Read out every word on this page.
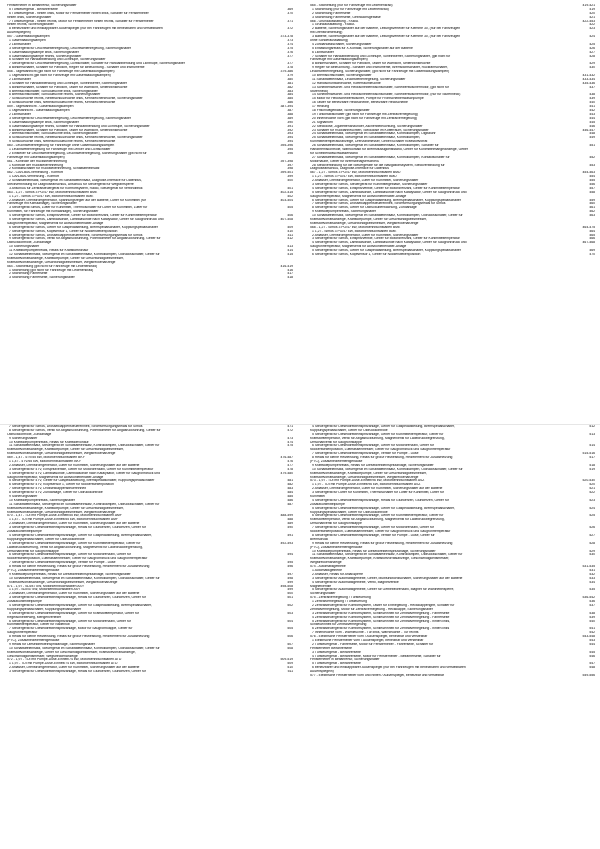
Fensterheber in Beifahrertür, Sicherungshalter
5 Türsteuergerät - Beifahrerseite	369
6 Türsteuergerät - hinten links, Motor für Fensterheber hinten links, Schalter für Fensterheber	370
hinten links, Sicherungshalter
7 Türsteuergerät - hinten rechts, Motor für Fensterheber hinten rechts, Schalter für Fensterheber	371
hinten rechts, Sicherungshalter
8 beheizbarer und einklappbarer Außenspiegel (nur bei Fahrzeugen mit beheizbaren und verstellbaren	372
Außenspiegeln)
557 - Gasentladungslampen	373-378
1 Gasentladungslampen	373
2 Lichtschalter	374
3 Steuergerät für Leuchtweitenregelung, Leuchtweitenregelung, Sicherungshalter	375
4 Gasentladungslampe links, Sicherungshalter	376
5 Gasentladungslampe rechts, Sicherungshalter	377
6 Schalter für Handabblendung und Lichthupe, Sicherungshalter
7 Steuergerät für Leuchtweitenregelung, Lichtschalter, Schalter für Handabblendung und Lichthupe, Sicherungshalter	377
8 Blinkerschalter, Schalter für Parklicht, Regler für Beleuchtung - Schalter und Instrumente	378
558 - Tagesfahrlicht (gilt nicht für Fahrzeuge mit Gasentladungslampen)	379-386
1 Tagesfahrlicht (gilt nicht für Fahrzeuge mit Gasentladungslampen)	379
2 Lichtschalter	380
3 Schalter für Handabblendung und Lichthupe, Scheinwerfer, Sicherungshalter	381
4 Blinkerschalter, Schalter für Parklicht, Taster für Warnlicht, Seitenblinkleuchte	382
5 Bremslichtschalter, Schlußleuchte links, Sicherungshalter	383
6 Bremslichtschalter, Schlußleuchte rechts, Sicherungshalter	384
7 Schlußleuchte rechts, Nebelschlußleuchte links, Kennzeichenleuchte, Sicherungshalter	385
8 Schlußleuchte links, Nebelschlußleuchte rechts, Kennzeichenleuchte	386
559 - Tagesfahrlicht - Gasentladungslampen	387-394
1 Tagesfahrlicht - Gasentladungslampen	387
2 Lichtschalter	388
3 Steuergerät für Leuchtweitenregelung, Leuchtweitenregelung, Sicherungshalter	389
4 Gasentladungslampe links, Sicherungshalter	390
5 Gasentladungslampe rechts, Schalter für Handabblendung und Lichthupe, Sicherungshalter	391
6 Blinkerschalter, Schalter für Parklicht, Taster für Warnlicht, Seitenblinkleuchte	392
7 Bremslichtschalter, Schlußleuchte links, Sicherungshalter	393
8 Schlußleuchte rechts, Nebelschlußleuchte links, Kennzeichenleuchte, Sicherungshalter	394
9 Schlußleuchte links, Nebelschlußleuchte rechts, Kennzeichenleuchte	394
560 - Leuchtweitenregelung für Fahrzeuge ohne Gasentladungslampen	395-396
1 Leuchtweitenregelung für Fahrzeuge mit Lenker und Lichtschalter	395
2 Einsteller für Leuchtweitenregelung, Leuchtweitenregelung, Sicherungshalter (gilt nicht für	396
Fahrzeuge mit Gasentladungslampen)
561 - Kontrolle der Rückstellerrinnerung	397-398
1 Kontrolle der Rückstellerrinnerung	397
2 Kontaktschalter für Rückstellerinnerung, Schalttafeleinsatz	398
562 - CAN-Bus-Vernetzung - Komfort	399-401
1 CAN-Bus-Vernetzung - Komfort	399
2 Schalttafeleinsatz, Steuergerät im Schalttafeleinsatz, Diagnose-Interface für Datenbus,	400
Steckverbindung für Diagnoseanschluß, Anschluß für Steuergerät für Wegfahrsperre
3 Anschluß für Zentralsteuergerät für Komfortsystem, Radio, Steuergerät für Verbindbrikk	401
563 - 1,2 l - Simos 3 PG/47 kW, Motorkennbuchstaben BME	402-415
1 1,2 l - Simos 3 PG/47 kW, Motorkennbuchstaben BME	402
2 Anlasser, Drehstromgenerator, Spannungsregler auf der Batterie, Lüfter für Kühlmittel (für	403-404
Fahrzeuge mit Klimaanlage), Sicherungshalter
3 Steuergerät Simos, Lüfter für Kühlmittel, Thermoschalter für Lüfter für Kühlmittel, Lüfter für	405
Kühlmittel, für Fahrzeuge mit Klimaanlage), Sicherungshalter
4 Steuergerät für Simos, Einspritzventile, Geber für Motordrehzahl, Geber für Kühlmitteltemperatur	406
5 Steuergerät für Simos, Lambdasonde, Lambdasonde nach Katalysator, Geber für Saugrohrdruck und	407-408
Saugrohrtemperatur, Magnetventil für Aktivkohlebehälter-Anlage
6 Steuergerät für Simos, Geber für Gaspedalstellung, Bremspedalschalter, Kupplungspedalschalter	409
7 Steuergerät für Simos, Klopfsensor 1, Geber für Nockenwellenposition	410
8 Steuergerät für Simos, Drosselklappensteuereinheit, Stromversorgungsrelais für Simos	411
9 Steuergerät für Simos, Ventil für Abgasrückführung, Potentiometer für Abgasrückführung, Geber für	412
Öldruckkontrolle, Zündanlage
10 Sicherungshalter	413
11 Kraftstoffpumpenrelais, Relais für Kraftstoffvorlauf	414
12 Schalttafeleinsatz, Steuergerät im Schalttafeleinsatz, Kontrolllampen, Öldrucksschalter, Geber für	415
Kraftstoffvorratsanzeige, Kraftstoffpumpe, Geber für Geschwindigkeitsmesser,
Kraftstoffvorratsanzeige, Geschwindigkeitsmesser, Wegstreckenanzeige
564 - Stichleitung (gilt nicht für Fahrzeuge mit Lederlenkrad)	416-419
1 Stichleitung (gilt nicht für Fahrzeuge mit Lederlenkrad)	416
2 Stichleitung Fahrerseite	417
3 Stichleitung Fahrerseite, Sicherungshalter	418
565 - Stichleitung (nur für Fahrzeuge mit Lederlenkrad)	419-421
1 Stichleitung (nur für Fahrzeuge mit Lederlenkrad)	419
2 Stichleitung Fahrerseite	420
3 Stichleitung Fahrerseite, Gebrauchsgebläse	421
566 - Grundausstattung - FABIA	422-453
1 Grundausstattung - FABIA	422
2 Batterie, Sicherungshalter auf der Batterie, Leitungsverteiler für Klemme 30, (nur bei Fahrzeugen	423
mit Drehstromleitung)
3 Batterie, Sicherungshalter auf der Batterie, Leitungsverteiler für Klemme 30, (nur bei Fahrzeugen	424
ohne Sonderausstattung)
4 Zündanlassschalter, Sicherungshalter	425
5 Entlastungsrelais für X-Kontakt, Sicherungshalter auf der Batterie	426
6 Lichtschalter	427
7 Schalter für Handabblendung und Lichthupe, Scheinwerfer, Sicherungshalter, (gilt nicht für	428
Fahrzeuge mit Gasentladungslampen)
8 Blinkerschalter, Schalter für Parklicht, Taster für Warnlicht, Seitenblinkleuchte	429
9 Regler für Beleuchtung - Schalter und Instrumente, Bremslichtschalter, Rückfahrschalter,	430
Leuchtweitenregelung, Sicherungshalter, (gilt nicht für Fahrzeuge mit Gasentladungslampen)
10 Bremslichtschalter, Sicherungshalter	431-432
11 Schalttafeleinsatz, Leuchtweitenregelung, Sicherungshalter	433-434
12 Handschuhfachleuchte, Kofferraumleuchte	435-436
13 Scheibenwischer- und Heckscheibenwischschalter, Scheibenwischermotor, (gilt nicht für	437
Stufenheck)
14 Scheibenwischer- und Heckscheibenwischschalter, Scheibenwischermotor, (nur für Stufenheck)	438
15 Motor für Heckscheibenwischer, Pumpe für Frontscheibenwaschpumpe	439
16 Taster für beheizbare Heckscheibe, beheizbare Heckscheibe	440
17 Heizung	441
18 Frischluftgebläse, Sicherungshalter	442
19 Türkontaktschalter (gilt nicht für Fahrzeuge mit Zentralverriegelung)	443
20 Innenleuchte vorn (gilt nicht für Fahrzeuge mit Zentralverriegelung)	444
21 Signalhorn	445
22 Steckdose, Zigarettenanzünder, Aschenbeleuchtung, Sicherungshalter	446
23 Schalter für Rückfahrleuchten, Steckdose im Kofferraum, Sicherungshalter	446-447
24 Schalttafeleinsatz, Steuergerät im Schalttafeleinsatz, Kontrolllampen, Digitaluhr	448
25 Schalttafeleinsatz, Steuergerät im Schalttafeleinsatz, Kontrolllampen,	449
Kühlmitteltemperaturanzeige, Drehzahlmesser, Geber/Schalter Kraftstoffvorrat
26 Schalttafeleinsatz, Steuergerät im Schalttafeleinsatz, Kontrolllampen, Schalter für	451
Handbremskontrolle, Warnkontakt für Bremsflüssigkeitsstand, Geber für Kühlmittelmangelanzeige, Geber
für Scheibenwaschwasserstand
27 Schalttafeleinsatz, Steuergerät im Schalttafeleinsatz, Kontrolllampen, Kontaktschalter für	452
Motorhaube, Geber für Bremsbelagverschleiß
28 Steckverbindung für die Steuergeräte für die Navigationssystem, Steckverbindung für	453
Diagnoseanschluß, Diagnose-Interface für Datenbus
567 - 1,2 l - Simos 3 PG/47 kW, Motorkennbuchstaben BMD	454-463
1 1,2 l - Simos 3 PG/47 kW, Motorkennbuchstaben BMD	454
2 Anlasser, Drehstromgenerator, Lüfter für Kühlmittel, Sicherungshalter	455
3 Steuergerät für Simos, Steuergerät für Kühlmittelgebläse, Sicherungshalter	456
4 Steuergerät für Simos, Einspritzventile, Geber für Motordrehzahl, Geber für Kühlmitteltemperatur	457
5 Steuergerät für Simos, Lambdasonde, Lambdasonde nach Katalysator, Geber für Saugrohrdruck und	458
Saugrohrtemperatur, Magnetventil für Aktivkohlebehälter-Anlage
6 Steuergerät für Simos, Geber für Gaspedalstellung, Bremspedalschalter, Kupplungspedalschalter	459
7 Steuergerät für Simos, Drosselklappensteuereinheit, Stromversorgungsrelais für Simos	460
8 Steuergerät für Simos, Geber für Öldrucküberwachung, Zündanlage	461
9 Kraftstoffpumpenrelais, Sicherungshalter	462
10 Schalttafeleinsatz, Steuergerät im Schalttafeleinsatz, Kontrolllampen, Öldrucksschalter, Geber für	463
Kraftstoffvorratsanzeige, Kraftstoffpumpe, Geber für Geschwindigkeitsmesser,
Kraftstoffvorratsanzeige, Geschwindigkeitsmesser, Wegstreckenanzeige
568 - 1,2 l - Simos 3 PG/47 kW, Motorkennbuchstaben BME	464-475
1 1,2 l - Simos 3 PG/47 kW, Motorkennbuchstaben BME	464
2 Anlasser, Drehstromgenerator, Lüfter für Kühlmittel, Sicherungshalter	465
3 Steuergerät für Simos, Einspritzventile, Geber für Motordrehzahl, Geber für Kühlmitteltemperatur	466
4 Steuergerät für Simos, Lambdasonde, Lambdasonde nach Katalysator, Geber für Saugrohrdruck und	467-468
Saugrohrtemperatur, Magnetventil für Aktivkohlebehälter-Anlage
5 Steuergerät für Simos, Geber für Gaspedalstellung, Bremspedalschalter, Kupplungspedalschalter	469
6 Steuergerät für Simos, Klopfsensor 1, Geber für Nockenwellenposition	470
7 Steuergerät für Simos, Drosselklappensteuereinheit, Stromversorgungsrelais für Simos	471
8 Steuergerät für Simos, Ventil für Abgasrückführung, Potentiometer für Abgasrückführung, Geber für	472
Öldruckkontrolle, Zündanlage
9 Sicherungshalter	473
10 Kraftstoffpumpenrelais, Relais für Kraftstoffvorlauf	474
11 Schalttafeleinsatz, Steuergerät im Schalttafeleinsatz, Kontrolllampen, Öldrucksschalter, Geber für	475
Kraftstoffvorratsanzeige, Kraftstoffpumpe, Geber für Geschwindigkeitsmesser,
Kraftstoffvorratsanzeige, Geschwindigkeitsmesser, Wegstreckenanzeige
569 - 1,4 l - 4TV/55 kW, Motorkennbuchstaben BKY	476-487
1 1,4 l - 4TV/55 kW, Motorkennbuchstaben BKY	476
2 Anlasser, Drehstromgenerator, Lüfter für Kühlmittel, Sicherungshalter auf der Batterie	477
3 Steuergerät für 4TV, Einspritzventile, Geber für Motordrehzahl, Geber für Kühlmitteltemperatur	478
4 Steuergerät für 4TV, Lambdasonde, Lambdasonde nach Katalysator, Geber für Saugrohrdruck und	479-480
Saugrohrtemperatur, Magnetventil für Aktivkohlebehälter-Anlage
5 Steuergerät für 4TV, Geber für Gaspedalstellung, Bremspedalschalter, Kupplungspedalschalter	481
6 Steuergerät für 4TV, Klopfsensor 1, Geber für Nockenwellenposition	482
7 Steuergerät für 4TV, Drosselklappensteuereinheit	483
8 Steuergerät für 4TV, Zündanlage, Geber für Öldruckkontrolle	484
9 Sicherungshalter	485
10 Kraftstoffpumpenrelais, Sicherungshalter	486
11 Schalttafeleinsatz, Steuergerät im Schalttafeleinsatz, Kontrolllampen, Öldrucksschalter, Geber für	487
Kraftstoffvorratsanzeige, Kraftstoffpumpe, Geber für Geschwindigkeitsmesser,
Kraftstoffvorratsanzeige, Geschwindigkeitsmesser, Wegstreckenanzeige
570 - 1,4 l - TDI mit Pumpe-Düse-Einheit/55 kW, Motorkennbuchstaben AMF	488-499
1 1,4 l - TDI mit Pumpe-Düse-Einheit/55 kW, Motorkennbuchstaben AMF	488
2 Anlasser, Drehstromgenerator, Lüfter für Kühlmittel, Sicherungshalter auf der Batterie	489
3 Steuergerät für Dieseldirekteinspritzanlage, Relais für Glühkerzen, Glühkerzen, Geber für	490
Zusatzkühlmittelpumpe
4 Steuergerät für Dieseldirekteinspritzanlage, Geber für Gaspedalstellung, Bremspedalschalter,	491
Kupplungspedalschalter, Geber für Öldruckkontrolle
5 Steuergerät für Dieseldirekteinspritzanlage, Geber für Kühlmitteltemperatur, Geber für	492-493
Ladedrucksteuerung, Ventil für Abgasrückführung, Magnetventil für Ladedruckbegrenzung,
Umschaltventil für Saugrohrklappe
6 Steuergerät für Dieseldirekteinspritzanlage, Geber für Motordrehzahl, Geber für	494
Nockenwellenposition, Luftmassenmesser, Geber für Saugrohrdruck und Saugrohrtemperatur
7 Steuergerät für Dieseldirekteinspritzanlage, Ventile für Pumpe - Düse	495
8 Relais für kleine Heizleistung, Relais für große Heizleistung, Heizelement für Zusatzheizung	496
(PTC), Zusatzheizelementgehäuse
9 Kraftstoffpumpenrelais, Relais für Dieseldirekteinspritzanlage, Sicherungshalter	497
10 Schalttafeleinsatz, Steuergerät im Schalttafeleinsatz, Kontrolllampen, Öldrucksschalter, Geber für	498
Kraftstoffvorratsanzeige, Geschwindigkeitsmesser, Wegstreckenanzeige	499
571 - 1,9 l - SDI/47 kW, Motorkennbuchstaben ASY	498-508
1 1,9 l - SDI/47 kW, Motorkennbuchstaben ASY	499
2 Anlasser, Drehstromgenerator, Lüfter für Kühlmittel, Sicherungshalter auf der Batterie	500
3 Steuergerät für Dieseldirekteinspritzanlage, Relais für Glühkerzen, Glühkerzen, Geber für	501
Zusatzkühlmittelpumpe
4 Steuergerät für Dieseldirekteinspritzanlage, Geber für Gaspedalstellung, Bremspedalschalter,	502
Kupplungspedalschalter, Kupplungspedalschalter
5 Steuergerät für Dieseldirekteinspritzanlage, Geber für Kraftstofftemperatur, Geber für	503
Regelschieberweg, Mengenverteiler
6 Steuergerät für Dieseldirekteinspritzanlage, Geber für Motordrehzahl, Geber für	504
Kühlmitteltemperatur, Geber für Nadelhub
7 Steuergerät für Dieseldirekteinspritzanlage, Motor für Saugrohrklappe, Geber für	505
Saugrohrtemperatur
8 Relais für kleine Heizleistung, Relais für große Heizleistung, Heizelement für Zusatzheizung	506
(PTC), Zusatzheizelementgehäuse
9 Relais für Dieseldirekteinspritzanlage, Sicherungshalter	507
10 Schalttafeleinsatz, Steuergerät im Schalttafeleinsatz, Kontrolllampen, Öldrucksschalter, Geber für	508
Kraftstoffvorratsanzeige, Geber für Geschwindigkeitsmesser, Kraftstoffvorratsanzeige,
Geschwindigkeitsmesser, Wegstreckenanzeige
572 - 1,9 l - TDI mit Pumpe-Düse-Einheit/74 kW, Motorkennbuchstaben ATD	509-519
1 1,9 l - TDI mit Pumpe-Düse-Einheit/74 kW, Motorkennbuchstaben ATD	509
2 Anlasser, Drehstromgenerator, Lüfter für Kühlmittel, Sicherungshalter auf der Batterie	510
3 Steuergerät für Dieseldirekteinspritzanlage, Relais für Glühkerzen, Glühkerzen, Geber für	511
4 Steuergerät für Dieseldirekteinspritzanlage, Geber für Gaspedalstellung, Bremspedalschalter,	512
Kupplungspedalschalter, Geber für Öldruckkontrolle
5 Steuergerät für Dieseldirekteinspritzanlage, Geber für Kühlmitteltemperatur, Geber für	513
Kraftstofftemperatur, Ventil für Abgasrückführung, Magnetventil für Ladedruckbegrenzung,
Umschaltventil für Saugrohrklappe
6 Steuergerät für Dieseldirekteinspritzanlage, Geber für Motordrehzahl, Geber für	514
Nockenwellenposition, Luftmassenmesser, Geber für Saugrohrdruck und Saugrohrtemperatur
7 Steuergerät für Dieseldirekteinspritzanlage, Ventile für Pumpe - Düse	515-516
8 Relais für kleine Heizleistung, Relais für große Heizleistung, Heizelement für Zusatzheizung	517
(PTC), Zusatzheizelementgehäuse
9 Kraftstoffpumpenrelais, Relais für Dieseldirekteinspritzanlage, Sicherungshalter	518
10 Schalttafeleinsatz, Steuergerät im Schalttafeleinsatz, Kontrolllampen, Öldrucksschalter, Geber für	519
Kraftstoffvorratsanzeige, Kraftstoffpumpe, Geber für Geschwindigkeitsmesser,
Kraftstoffvorratsanzeige, Geschwindigkeitsmesser, Wegstreckenanzeige
573 - 1,9 l - TDI mit Pumpe-Düse-Einheit/96 kW, Motorkennbuchstaben ASZ	520-530
1 1,9 l - TDI mit Pumpe-Düse-Einheit/96 kW, Motorkennbuchstaben ASZ	520
2 Anlasser, Drehstromgenerator, Lüfter für Kühlmittel, Sicherungshalter auf der Batterie	521
3 Steuergerät für Lüfter für Kühlmittel, Thermoschalter für Lüfter für Kühlmittel, Lüfter für	522
Kühlmittel
4 Steuergerät für Dieseldirekteinspritzanlage, Relais für Glühkerzen, Glühkerzen, Geber für	523
Zusatzkühlmittelpumpe
5 Steuergerät für Dieseldirekteinspritzanlage, Geber für Gaspedalstellung, Bremspedalschalter,	524
Kupplungspedalschalter, Geber für Öldruckkontrolle
6 Steuergerät für Dieseldirekteinspritzanlage, Geber für Kühlmitteltemperatur, Geber für	525
Kraftstofftemperatur, Ventil für Abgasrückführung, Magnetventil für Ladedruckbegrenzung,
Umschaltventil für Saugrohrklappe
7 Steuergerät für Dieseldirekteinspritzanlage, Geber für Motordrehzahl, Geber für	526
Nockenwellenposition, Luftmassenmesser, Geber für Saugrohrdruck und Saugrohrtemperatur
8 Steuergerät für Dieseldirekteinspritzanlage, Ventile für Pumpe - Düse, Geber für	527
Bremsdruck
9 Relais für kleine Heizleistung, Relais für große Heizleistung, Heizelement für Zusatzheizung	528
(PTC), Zusatzheizelementgehäuse
10 Kraftstoffpumpenrelais, Relais für Dieseldirekteinspritzanlage, Sicherungshalter	529
11 Schalttafeleinsatz, Steuergerät im Schalttafeleinsatz, Kontrolllampen, Öldrucksschalter, Geber für	530
Kraftstoffvorratsanzeige, Kraftstoffpumpe, Kraftstoffvorratsanzeige, Geschwindigkeitsmesser,
Wegstreckenanzeige
574 - Automatikgetriebe	531-535
1 Automatikgetriebe	531
2 Anlasser, Relais für Anlaßsperre	532
3 Steuergerät für Automatikgetriebe, Geber, Multifunktionsschalter, Sicherungshalter auf der Batterie	533
4 Steuergerät für Automatikgetriebe, Ventil, Magnetventile	534
Magnetventile
5 Steuergerät für Automatikgetriebe, Geber für Getriebedrehzahl, Magnet für Wählhebelsperre,	535
Sicherungshalter
575 - Zentralverriegelung / Türsteuerung	536-542
1 Zentralverriegelung / Türsteuerung	536
2 Zentralsteuergerät für Komfortsystem, Taster für Entriegelung - Heckklappengriff, Schalter für	537
Zentralverriegelung, Motor für Zentralverriegelung - Heckklappe, Sicherungshalter
3 Zentralsteuergerät für Komfortsystem, Schließeinheit für Zentralverriegelung - Fahrerseite	538
4 Zentralsteuergerät für Komfortsystem, Schließeinheit für Zentralverriegelung - Fahrerseite	539
5 Zentralsteuergerät für Komfortsystem, Schließeinheit für Zentralverriegelung - hinten links,	540
Schließeinheit für Zentralverriegelung
6 Zentralsteuergerät für Komfortsystem, Schließeinheit für Zentralverriegelung - hinten links	541
7 Innenleuchte vorn - Warnleuchte - Tür links, Warnleuchte - Tür rechts	542
576 - Elektrische Fensterheber vorn / Außenspiegel, beheizbar und verstellbar	543-548
1 Elektrische Fensterheber vorn / Außenspiegel, beheizbar und verstellbar	543
2 Türsteuergerät - Fahrerseite, Motor für Fensterheber - Fahrerseite, Schalter für	544
Fensterheber Beifahrerseite
3 Türsteuergerät - Beifahrerseite	545
4 Türsteuergerät - Beifahrerseite, Motor für Fensterheber - Beifahrerseite, Schalter für	546
Fensterheber in Beifahrertür, Sicherungshalter
5 Türsteuergerät - Beifahrerseite	547
6 beheizbarer und einklappbarer Außenspiegel (nur bei Fahrzeugen mit beheizbaren und verstellbaren	548
Außenspiegeln)
577 - Elektrische Fensterheber vorn und hinten / Außenspiegel, beheizbar und verstellbar	549-556
